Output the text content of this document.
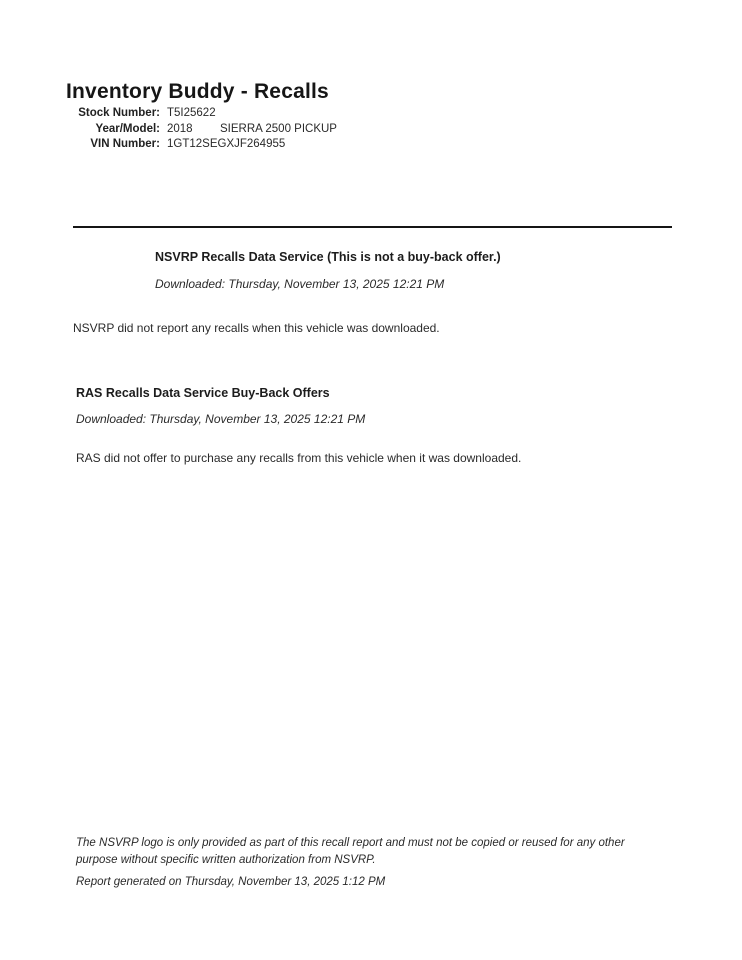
Inventory Buddy - Recalls
Stock Number: T5I25622
Year/Model: 2018	SIERRA 2500 PICKUP
VIN Number: 1GT12SEGXJF264955
NSVRP Recalls Data Service (This is not a buy-back offer.)
Downloaded: Thursday, November 13, 2025 12:21 PM
NSVRP did not report any recalls when this vehicle was downloaded.
RAS Recalls Data Service Buy-Back Offers
Downloaded: Thursday, November 13, 2025 12:21 PM
RAS did not offer to purchase any recalls from this vehicle when it was downloaded.
The NSVRP logo is only provided as part of this recall report and must not be copied or reused for any other purpose without specific written authorization from NSVRP.
Report generated on Thursday, November 13, 2025 1:12 PM
